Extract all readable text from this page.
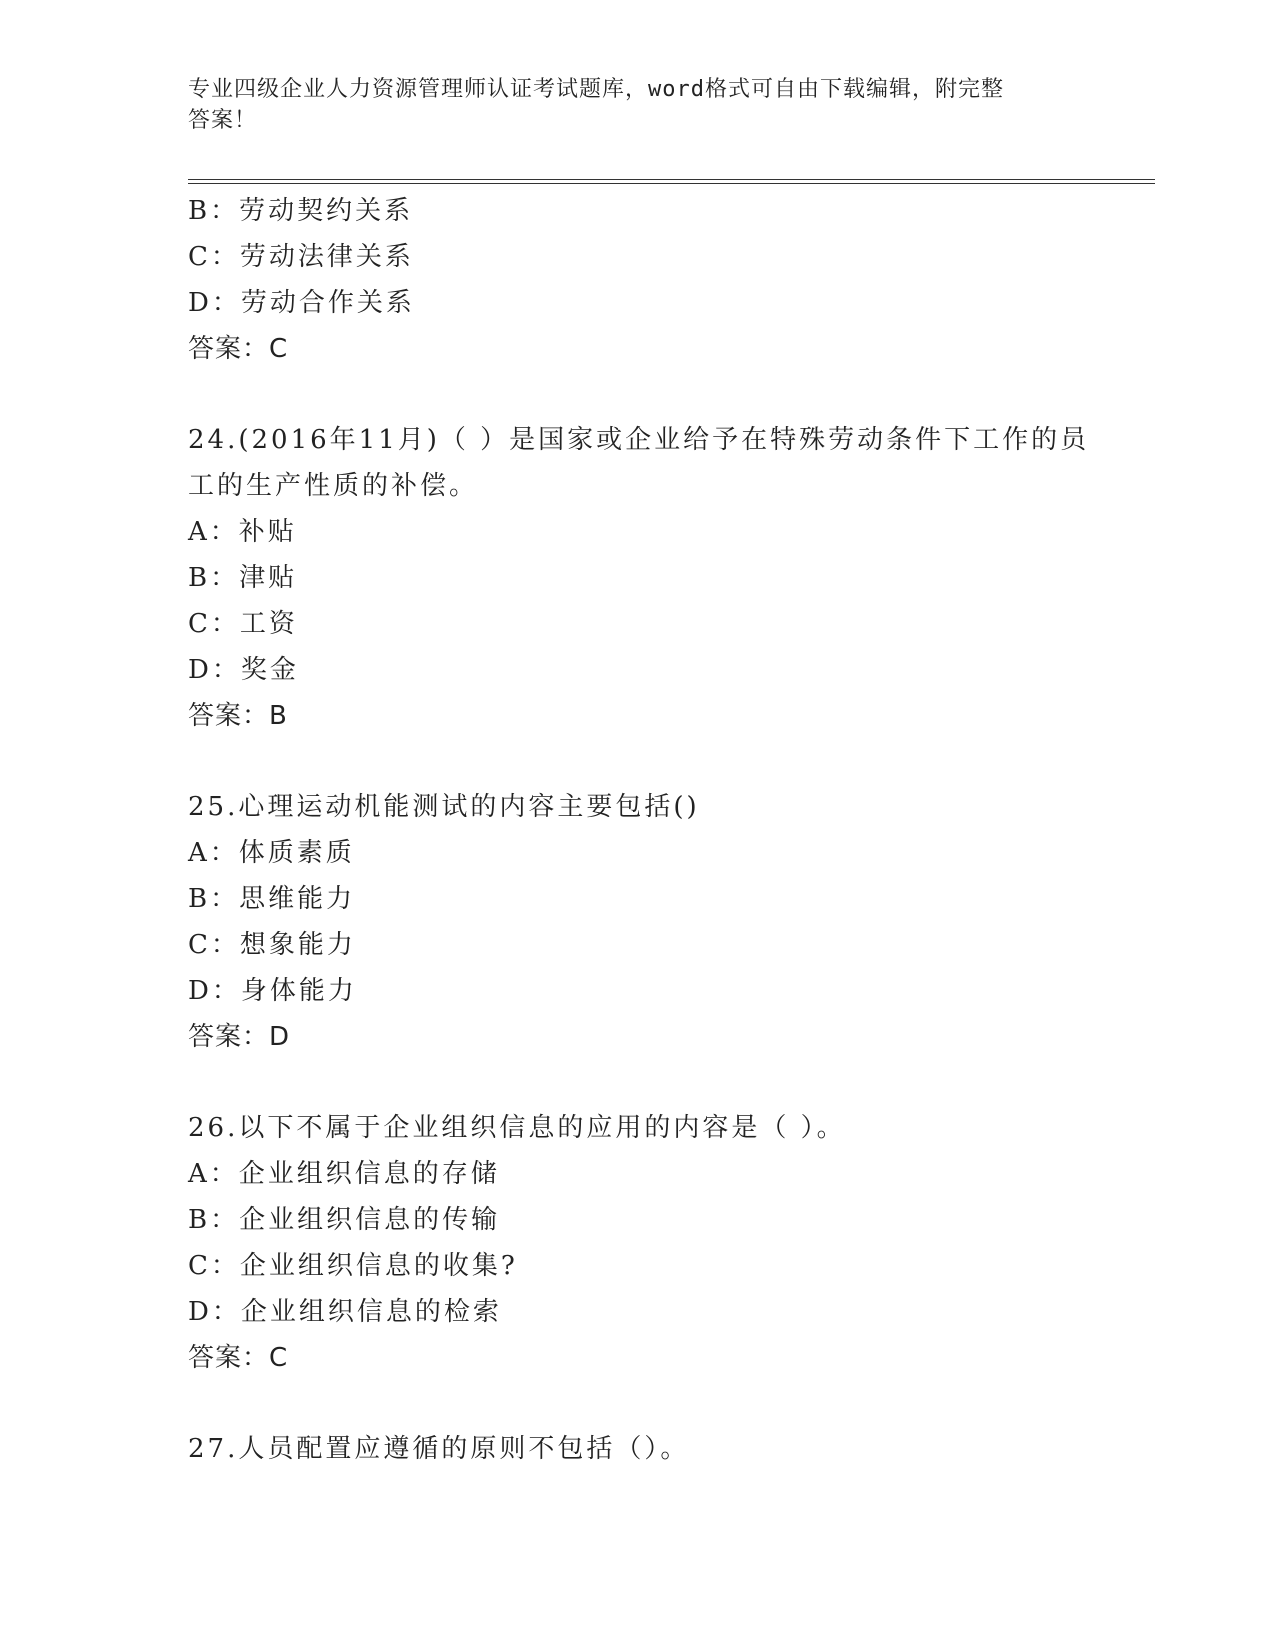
专业四级企业人力资源管理师认证考试题库，word格式可自由下载编辑，附完整
答案！
B：劳动契约关系
C：劳动法律关系
D：劳动合作关系
答案：C
24.(2016年11月)（ ）是国家或企业给予在特殊劳动条件下工作的员
工的生产性质的补偿。
A：补贴
B：津贴
C：工资
D：奖金
答案：B
25.心理运动机能测试的内容主要包括()
A：体质素质
B：思维能力
C：想象能力
D：身体能力
答案：D
26.以下不属于企业组织信息的应用的内容是（ ）。
A：企业组织信息的存储
B：企业组织信息的传输
C：企业组织信息的收集?
D：企业组织信息的检索
答案：C
27.人员配置应遵循的原则不包括（）。
